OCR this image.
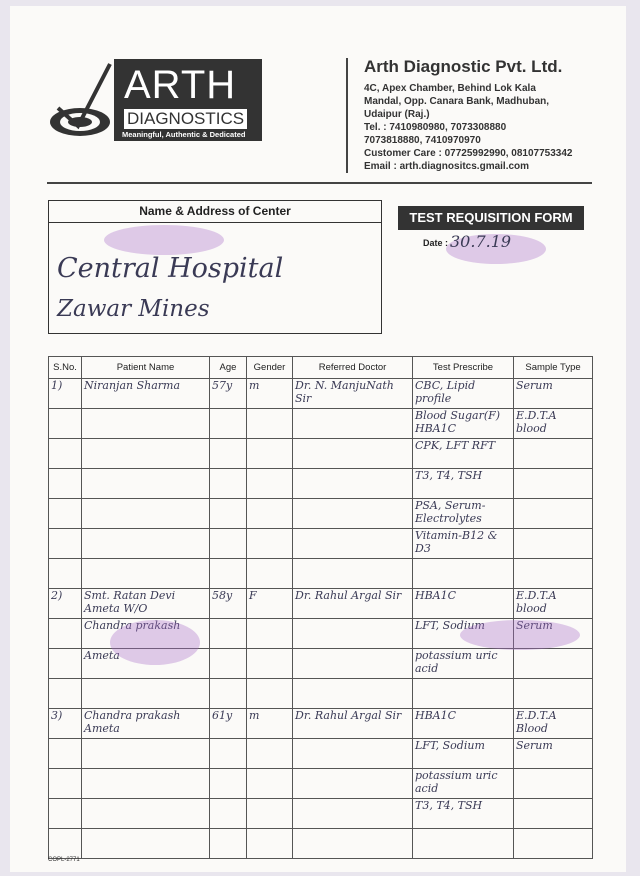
ARTH
DIAGNOSTICS
Meaningful, Authentic & Dedicated
Arth Diagnostic Pvt. Ltd.
4C, Apex Chamber, Behind Lok Kala
Mandal, Opp. Canara Bank, Madhuban,
Udaipur (Raj.)
Tel. : 7410980980, 7073308880
7073818880, 7410970970
Customer Care : 07725992990, 08107753342
Email : arth.diagnositcs.gmail.com
Name & Address of Center
Central Hospital
Zawar Mines
TEST REQUISITION FORM
Date : 30.7.19
S.No.	Patient Name	Age	Gender	Referred Doctor	Test Prescribe	Sample Type
1)	Niranjan Sharma	57y	m	Dr. N. ManjuNath Sir	CBC, Lipid profile	Serum
					Blood Sugar(F) HBA1C	E.D.T.A blood
					CPK, LFT RFT	
					T3, T4, TSH	
					PSA, Serum-Electrolytes	
					Vitamin-B12 & D3	

2)	Smt. Ratan Devi Ameta W/O	58y	F	Dr. Rahul Argal Sir	HBA1C	E.D.T.A blood
	Chandra prakash				LFT, Sodium	Serum
	Ameta				potassium uric acid	

3)	Chandra prakash Ameta	61y	m	Dr. Rahul Argal Sir	HBA1C	E.D.T.A Blood
					LFT, Sodium	Serum
					potassium uric acid	
					T3, T4, TSH	

COPL-2771
